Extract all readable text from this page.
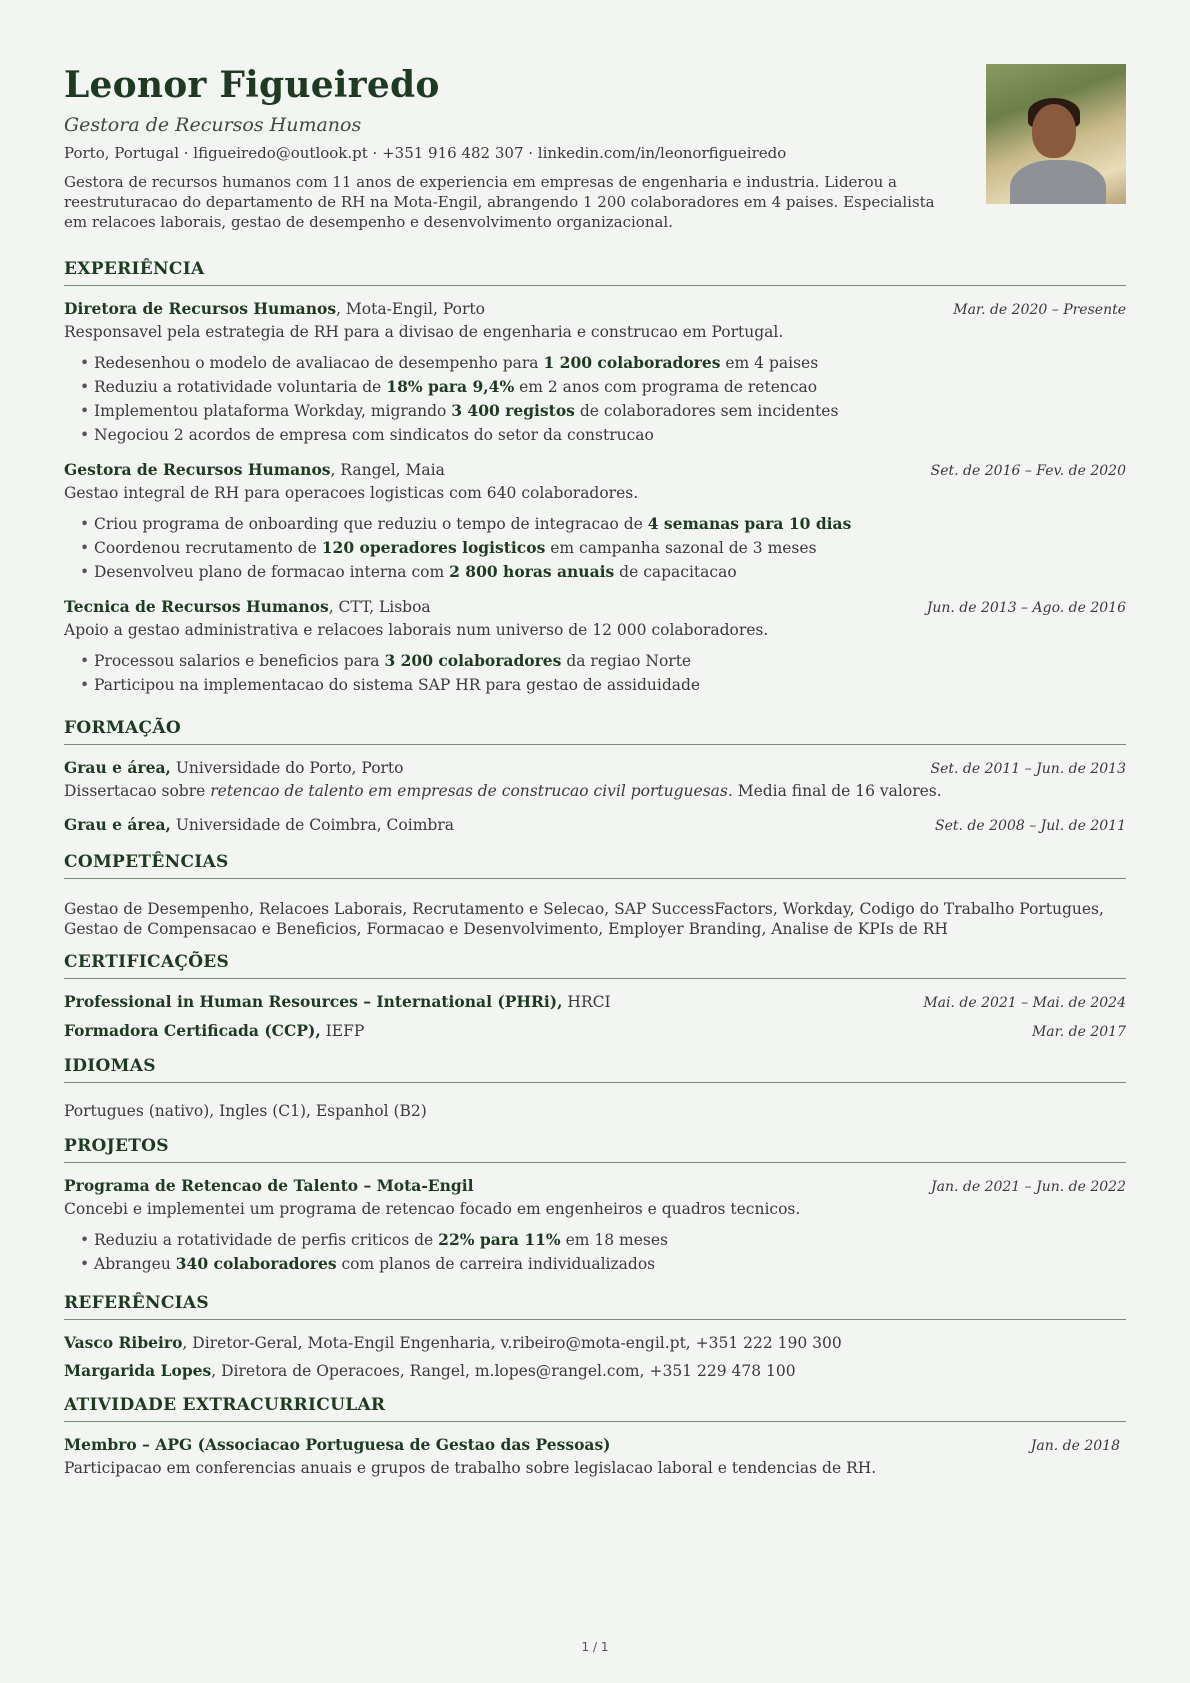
Leonor Figueiredo
Gestora de Recursos Humanos
Porto, Portugal · lfigueiredo@outlook.pt · +351 916 482 307 · linkedin.com/in/leonorfigueiredo
Gestora de recursos humanos com 11 anos de experiencia em empresas de engenharia e industria. Liderou a reestruturacao do departamento de RH na Mota-Engil, abrangendo 1 200 colaboradores em 4 paises. Especialista em relacoes laborais, gestao de desempenho e desenvolvimento organizacional.
EXPERIÊNCIA
Diretora de Recursos Humanos, Mota-Engil, Porto	Mar. de 2020 – Presente
Responsavel pela estrategia de RH para a divisao de engenharia e construcao em Portugal.
• Redesenhou o modelo de avaliacao de desempenho para 1 200 colaboradores em 4 paises
• Reduziu a rotatividade voluntaria de 18% para 9,4% em 2 anos com programa de retencao
• Implementou plataforma Workday, migrando 3 400 registos de colaboradores sem incidentes
• Negociou 2 acordos de empresa com sindicatos do setor da construcao
Gestora de Recursos Humanos, Rangel, Maia	Set. de 2016 – Fev. de 2020
Gestao integral de RH para operacoes logisticas com 640 colaboradores.
• Criou programa de onboarding que reduziu o tempo de integracao de 4 semanas para 10 dias
• Coordenou recrutamento de 120 operadores logisticos em campanha sazonal de 3 meses
• Desenvolveu plano de formacao interna com 2 800 horas anuais de capacitacao
Tecnica de Recursos Humanos, CTT, Lisboa	Jun. de 2013 – Ago. de 2016
Apoio a gestao administrativa e relacoes laborais num universo de 12 000 colaboradores.
• Processou salarios e beneficios para 3 200 colaboradores da regiao Norte
• Participou na implementacao do sistema SAP HR para gestao de assiduidade
FORMAÇÃO
Grau e área, Universidade do Porto, Porto	Set. de 2011 – Jun. de 2013
Dissertacao sobre retencao de talento em empresas de construcao civil portuguesas. Media final de 16 valores.
Grau e área, Universidade de Coimbra, Coimbra	Set. de 2008 – Jul. de 2011
COMPETÊNCIAS
Gestao de Desempenho, Relacoes Laborais, Recrutamento e Selecao, SAP SuccessFactors, Workday, Codigo do Trabalho Portugues, Gestao de Compensacao e Beneficios, Formacao e Desenvolvimento, Employer Branding, Analise de KPIs de RH
CERTIFICAÇÕES
Professional in Human Resources – International (PHRi), HRCI	Mai. de 2021 – Mai. de 2024
Formadora Certificada (CCP), IEFP	Mar. de 2017
IDIOMAS
Portugues (nativo), Ingles (C1), Espanhol (B2)
PROJETOS
Programa de Retencao de Talento – Mota-Engil	Jan. de 2021 – Jun. de 2022
Concebi e implementei um programa de retencao focado em engenheiros e quadros tecnicos.
• Reduziu a rotatividade de perfis criticos de 22% para 11% em 18 meses
• Abrangeu 340 colaboradores com planos de carreira individualizados
REFERÊNCIAS
Vasco Ribeiro, Diretor-Geral, Mota-Engil Engenharia, v.ribeiro@mota-engil.pt, +351 222 190 300
Margarida Lopes, Diretora de Operacoes, Rangel, m.lopes@rangel.com, +351 229 478 100
ATIVIDADE EXTRACURRICULAR
Membro – APG (Associacao Portuguesa de Gestao das Pessoas)	Jan. de 2018
Participacao em conferencias anuais e grupos de trabalho sobre legislacao laboral e tendencias de RH.
1 / 1
